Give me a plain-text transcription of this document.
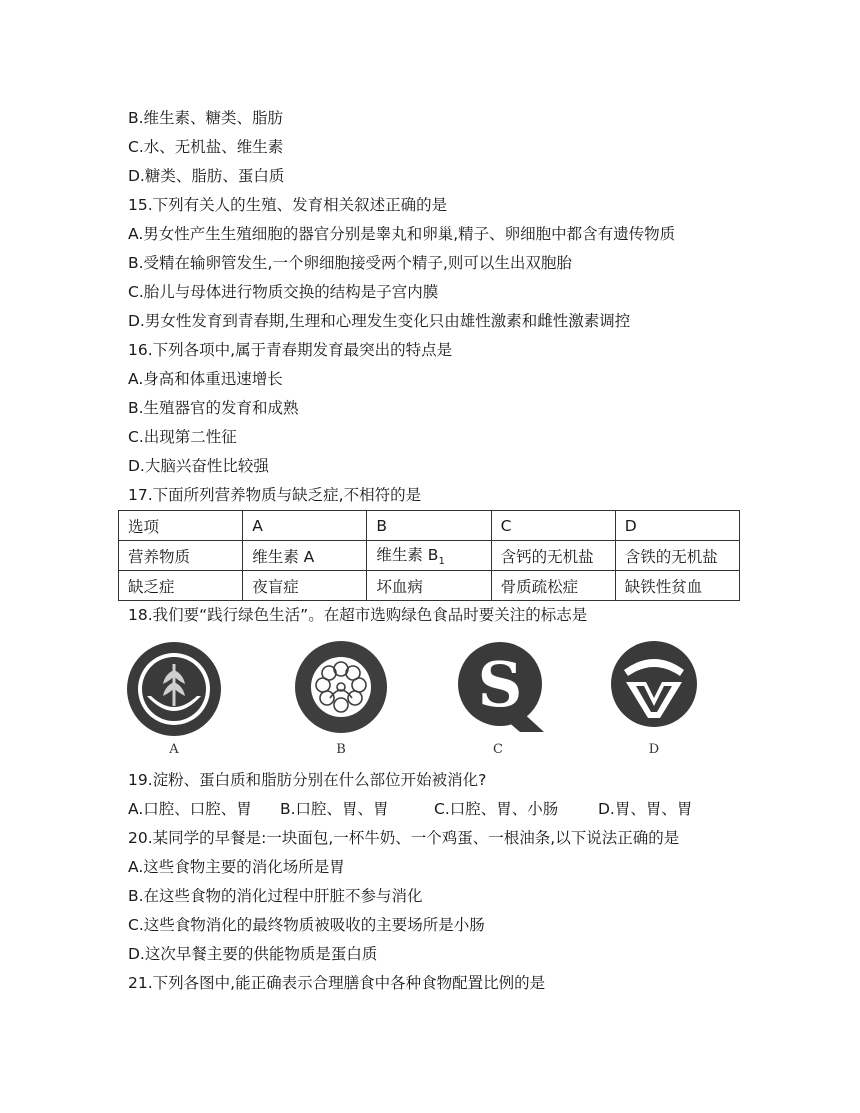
B.维生素、糖类、脂肪
C.水、无机盐、维生素
D.糖类、脂肪、蛋白质
15.下列有关人的生殖、发育相关叙述正确的是
A.男女性产生生殖细胞的器官分别是睾丸和卵巢,精子、卵细胞中都含有遗传物质
B.受精在输卵管发生,一个卵细胞接受两个精子,则可以生出双胞胎
C.胎儿与母体进行物质交换的结构是子宫内膜
D.男女性发育到青春期,生理和心理发生变化只由雄性激素和雌性激素调控
16.下列各项中,属于青春期发育最突出的特点是
A.身高和体重迅速增长
B.生殖器官的发育和成熟
C.出现第二性征
D.大脑兴奋性比较强
17.下面所列营养物质与缺乏症,不相符的是
选项	A	B	C	D
营养物质	维生素 A	维生素 $B_1$	含钙的无机盐	含铁的无机盐
缺乏症	夜盲症	坏血病	骨质疏松症	缺铁性贫血
18.我们要“践行绿色生活”。在超市选购绿色食品时要关注的标志是
A	B
S
C	D
19.淀粉、蛋白质和脂肪分别在什么部位开始被消化?
A.口腔、口腔、胃 B.口腔、胃、胃	C.口腔、胃、小肠	D.胃、胃、胃
20.某同学的早餐是:一块面包,一杯牛奶、一个鸡蛋、一根油条,以下说法正确的是
A.这些食物主要的消化场所是胃
B.在这些食物的消化过程中肝脏不参与消化
C.这些食物消化的最终物质被吸收的主要场所是小肠
D.这次早餐主要的供能物质是蛋白质
21.下列各图中,能正确表示合理膳食中各种食物配置比例的是
